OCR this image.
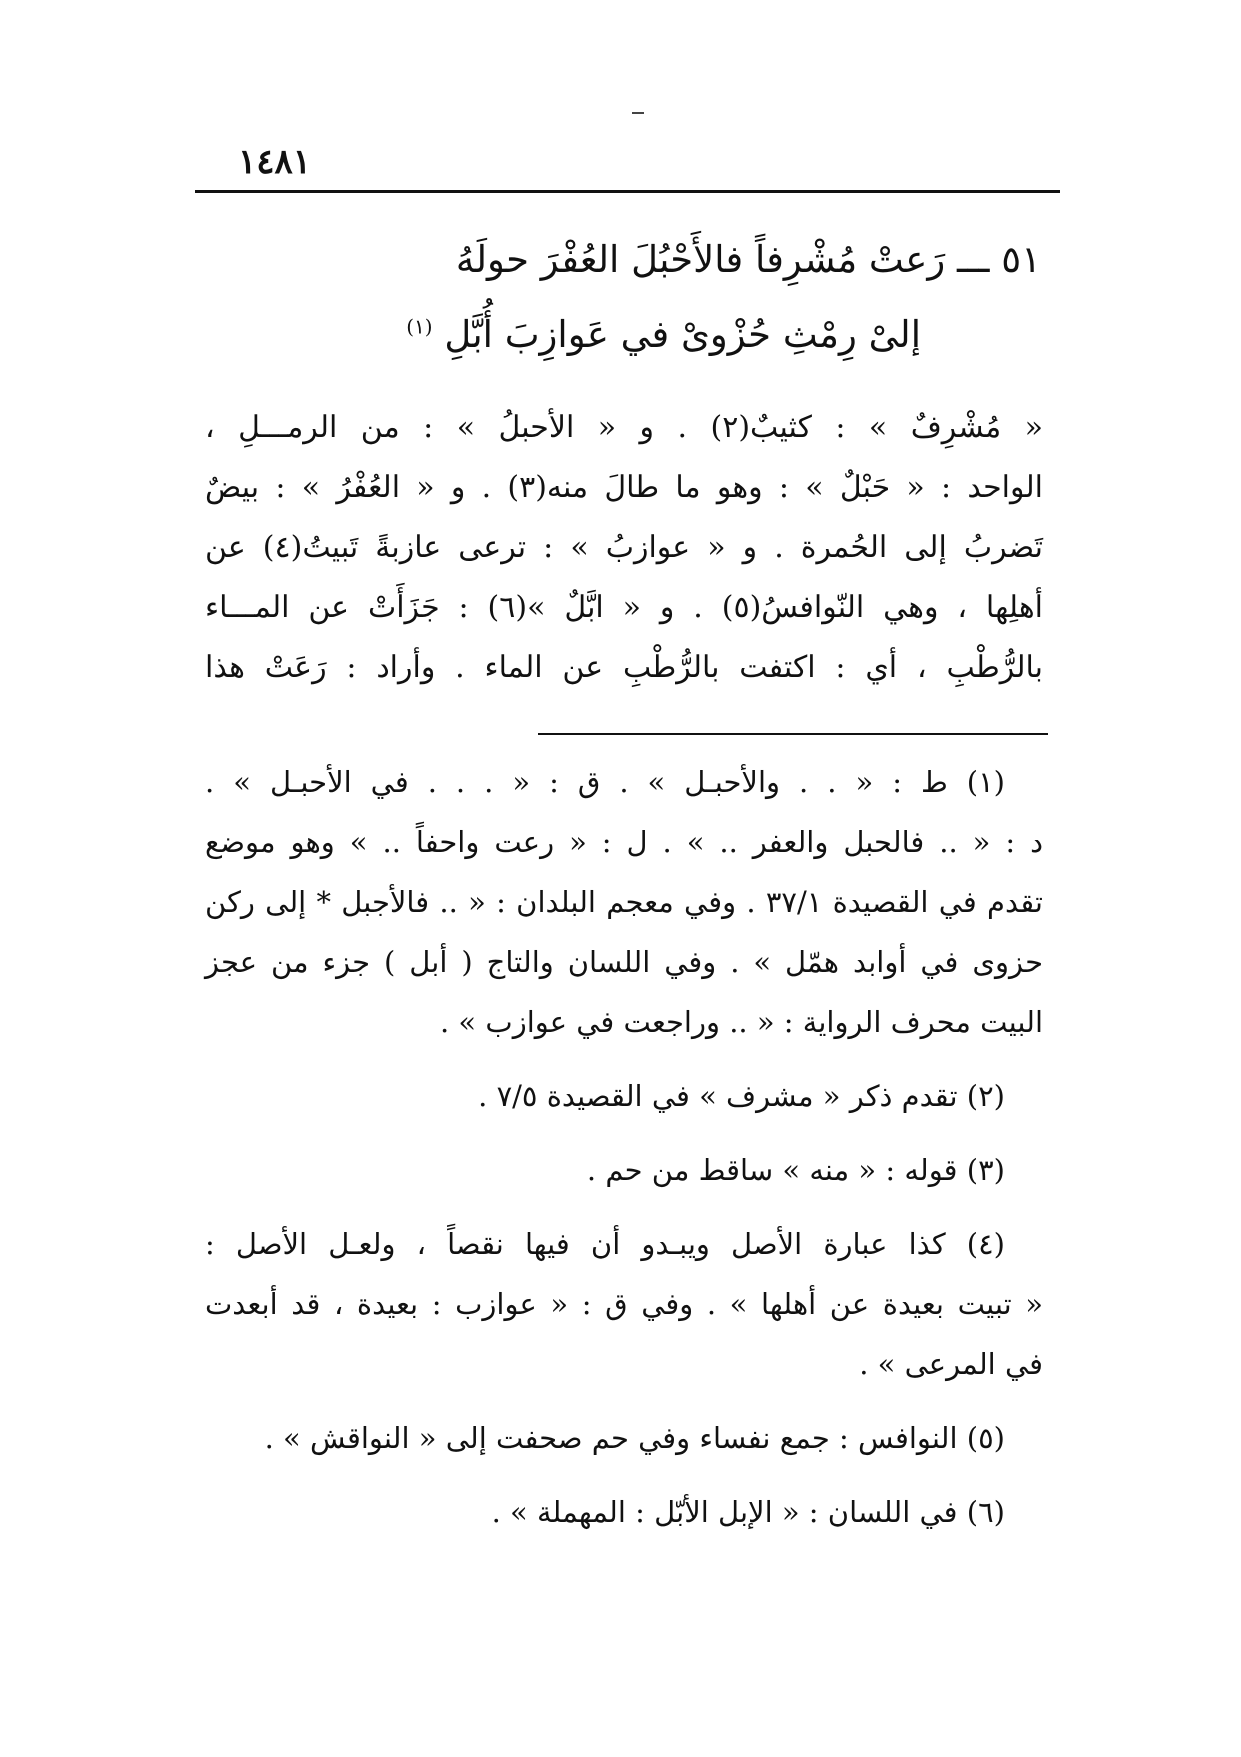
١٤٨١
٥١ ـــ رَعتْ مُشْرِفاً فالأَحْبُلَ العُفْرَ حولَهُ
إلىْ رِمْثِ حُزْوىْ في عَوازِبَ أُبَّلِ $^{(١)}$
« مُشْرِفٌ » : كثيبٌ(٢) . و « الأحبلُ » : من الرمـــلِ ،
الواحد : « حَبْلٌ » : وهو ما طالَ منه(٣) . و « العُفْرُ » : بيضٌ
تَضربُ إلى الحُمرة . و « عوازبُ » : ترعى عازبةً تَبيتُ(٤) عن
أهلِها ، وهي النّوافسُ(٥) . و « ابَّلٌ »(٦) : جَزَأَتْ عن المـــاء
بالرُّطْبِ ، أي : اكتفت بالرُّطْبِ عن الماء . وأراد : رَعَتْ هذا
(١) ط : « . . والأحبـل » . ق : « . . . في الأحبـل » .
د : « .. فالحبل والعفر .. » . ل : « رعت واحفاً .. » وهو موضع
تقدم في القصيدة ٣٧/١ . وفي معجم البلدان : « .. فالأجبل * إلى ركن
حزوى في أوابد همّل » . وفي اللسان والتاج ( أبل ) جزء من عجز
البيت محرف الرواية : « .. وراجعت في عوازب » .
(٢) تقدم ذكر « مشرف » في القصيدة ٧/٥ .
(٣) قوله : « منه » ساقط من حم .
(٤) كذا عبارة الأصل ويبـدو أن فيها نقصاً ، ولعـل الأصل :
« تبيت بعيدة عن أهلها » . وفي ق : « عوازب : بعيدة ، قد أبعدت
في المرعى » .
(٥) النوافس : جمع نفساء وفي حم صحفت إلى « النواقش » .
(٦) في اللسان : « الإبل الأبّل : المهملة » .
